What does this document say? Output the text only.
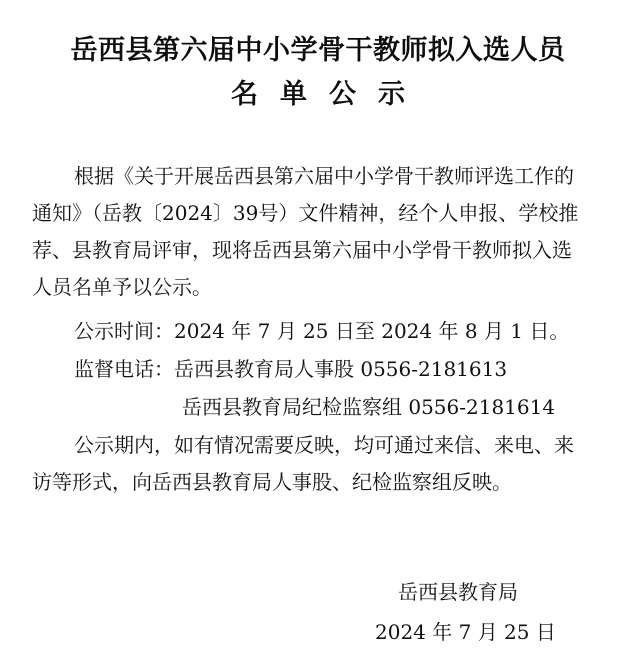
岳西县第六届中小学骨干教师拟入选人员
名单公示
根据《关于开展岳西县第六届中小学骨干教师评选工作的
通知》（岳教〔2024〕39号）文件精神，经个人申报、学校推
荐、县教育局评审，现将岳西县第六届中小学骨干教师拟入选
人员名单予以公示。
公示时间：2024 年 7 月 25 日至 2024 年 8 月 1 日。
监督电话：岳西县教育局人事股 0556-2181613
岳西县教育局纪检监察组 0556-2181614
公示期内，如有情况需要反映，均可通过来信、来电、来
访等形式，向岳西县教育局人事股、纪检监察组反映。
岳西县教育局
2024 年 7 月 25 日
